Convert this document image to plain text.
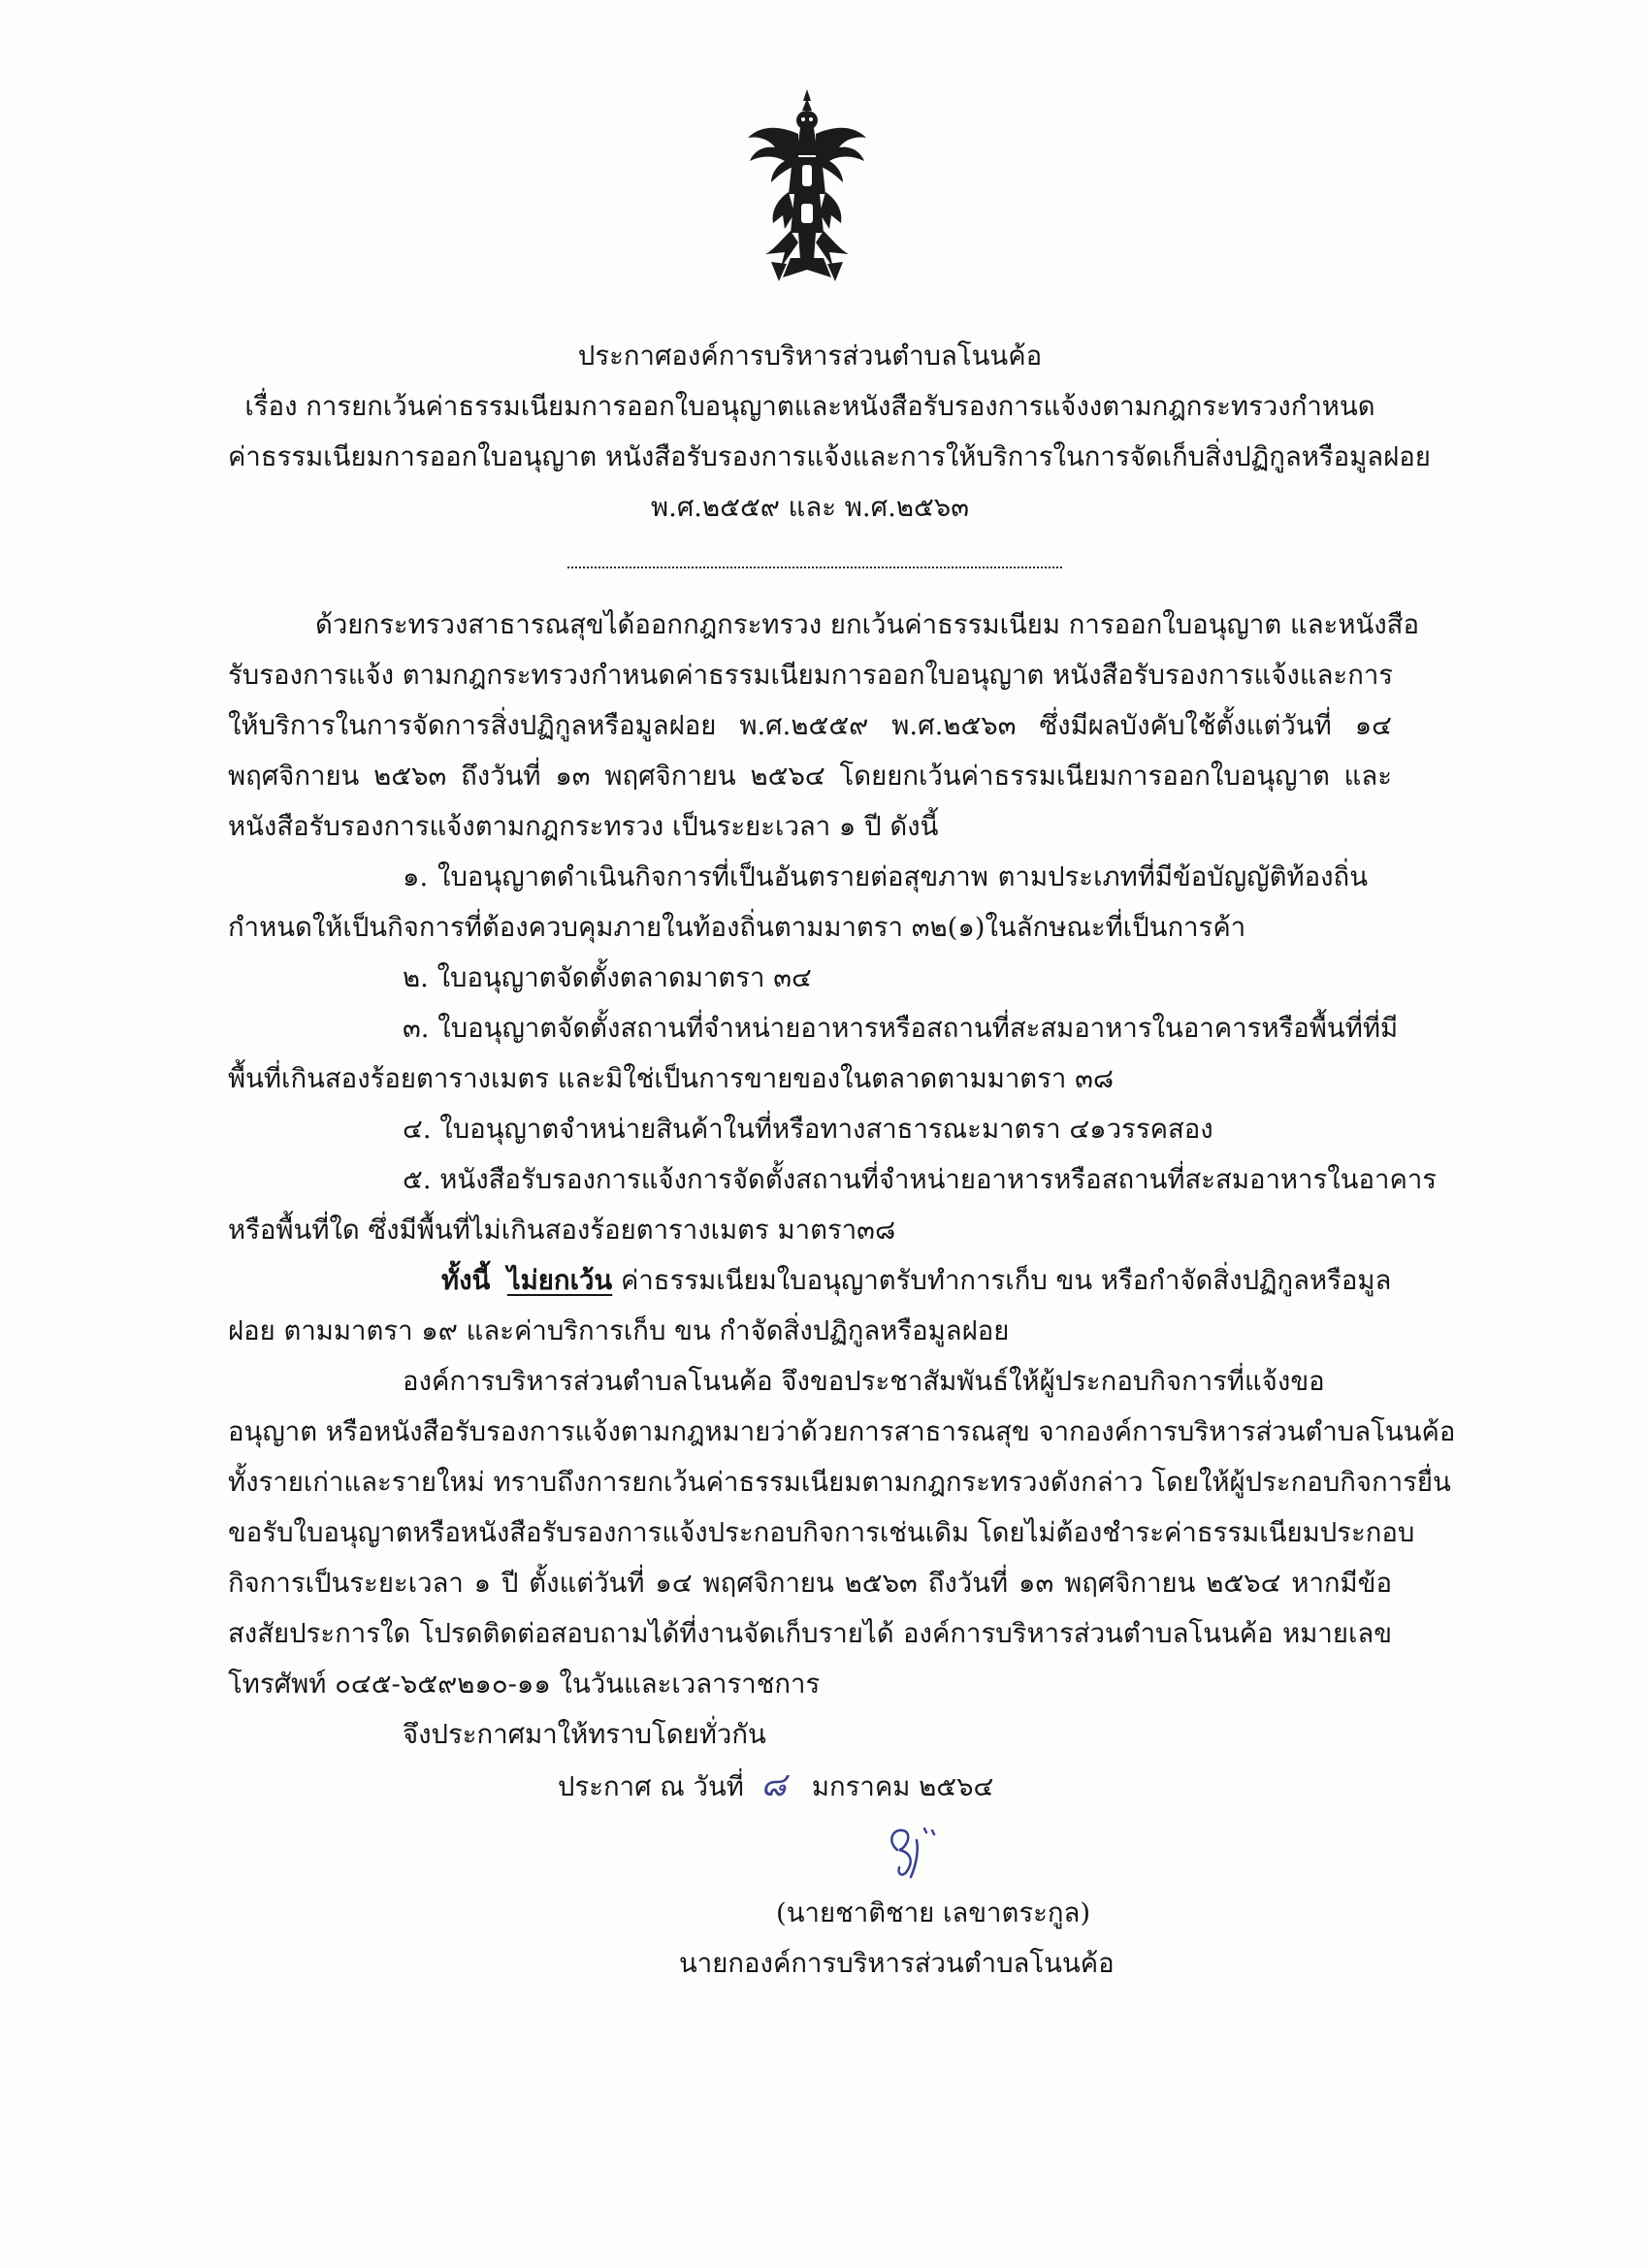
ประกาศองค์การบริหารส่วนตำบลโนนค้อ
เรื่อง การยกเว้นค่าธรรมเนียมการออกใบอนุญาตและหนังสือรับรองการแจ้งงตามกฎกระทรวงกำหนด
ค่าธรรมเนียมการออกใบอนุญาต หนังสือรับรองการแจ้งและการให้บริการในการจัดเก็บสิ่งปฏิกูลหรือมูลฝอย
พ.ศ.๒๕๕๙ และ พ.ศ.๒๕๖๓
ด้วยกระทรวงสาธารณสุขได้ออกกฎกระทรวง ยกเว้นค่าธรรมเนียม การออกใบอนุญาต และหนังสือ
รับรองการแจ้ง ตามกฎกระทรวงกำหนดค่าธรรมเนียมการออกใบอนุญาต หนังสือรับรองการแจ้งและการ
ให้บริการในการจัดการสิ่งปฏิกูลหรือมูลฝอย พ.ศ.๒๕๕๙ พ.ศ.๒๕๖๓ ซึ่งมีผลบังคับใช้ตั้งแต่วันที่ ๑๔
พฤศจิกายน ๒๕๖๓ ถึงวันที่ ๑๓ พฤศจิกายน ๒๕๖๔ โดยยกเว้นค่าธรรมเนียมการออกใบอนุญาต และ
หนังสือรับรองการแจ้งตามกฎกระทรวง เป็นระยะเวลา ๑ ปี ดังนี้
๑. ใบอนุญาตดำเนินกิจการที่เป็นอันตรายต่อสุขภาพ ตามประเภทที่มีข้อบัญญัติท้องถิ่น
กำหนดให้เป็นกิจการที่ต้องควบคุมภายในท้องถิ่นตามมาตรา ๓๒(๑)ในลักษณะที่เป็นการค้า
๒. ใบอนุญาตจัดตั้งตลาดมาตรา ๓๔
๓. ใบอนุญาตจัดตั้งสถานที่จำหน่ายอาหารหรือสถานที่สะสมอาหารในอาคารหรือพื้นที่ที่มี
พื้นที่เกินสองร้อยตารางเมตร และมิใช่เป็นการขายของในตลาดตามมาตรา ๓๘
๔. ใบอนุญาตจำหน่ายสินค้าในที่หรือทางสาธารณะมาตรา ๔๑วรรคสอง
๕. หนังสือรับรองการแจ้งการจัดตั้งสถานที่จำหน่ายอาหารหรือสถานที่สะสมอาหารในอาคาร
หรือพื้นที่ใด ซึ่งมีพื้นที่ไม่เกินสองร้อยตารางเมตร มาตรา๓๘
ทั้งนี้ ไม่ยกเว้น ค่าธรรมเนียมใบอนุญาตรับทำการเก็บ ขน หรือกำจัดสิ่งปฏิกูลหรือมูล
ฝอย ตามมาตรา ๑๙ และค่าบริการเก็บ ขน กำจัดสิ่งปฏิกูลหรือมูลฝอย
องค์การบริหารส่วนตำบลโนนค้อ จึงขอประชาสัมพันธ์ให้ผู้ประกอบกิจการที่แจ้งขอ
อนุญาต หรือหนังสือรับรองการแจ้งตามกฎหมายว่าด้วยการสาธารณสุข จากองค์การบริหารส่วนตำบลโนนค้อ
ทั้งรายเก่าและรายใหม่ ทราบถึงการยกเว้นค่าธรรมเนียมตามกฎกระทรวงดังกล่าว โดยให้ผู้ประกอบกิจการยื่น
ขอรับใบอนุญาตหรือหนังสือรับรองการแจ้งประกอบกิจการเช่นเดิม โดยไม่ต้องชำระค่าธรรมเนียมประกอบ
กิจการเป็นระยะเวลา ๑ ปี ตั้งแต่วันที่ ๑๔ พฤศจิกายน ๒๕๖๓ ถึงวันที่ ๑๓ พฤศจิกายน ๒๕๖๔ หากมีข้อ
สงสัยประการใด โปรดติดต่อสอบถามได้ที่งานจัดเก็บรายได้ องค์การบริหารส่วนตำบลโนนค้อ หมายเลข
โทรศัพท์ ๐๔๕-๖๕๙๒๑๐-๑๑ ในวันและเวลาราชการ
จึงประกาศมาให้ทราบโดยทั่วกัน
ประกาศ ณ วันที่ ๘ มกราคม ๒๕๖๔
(นายชาติชาย เลขาตระกูล)
นายกองค์การบริหารส่วนตำบลโนนค้อ
